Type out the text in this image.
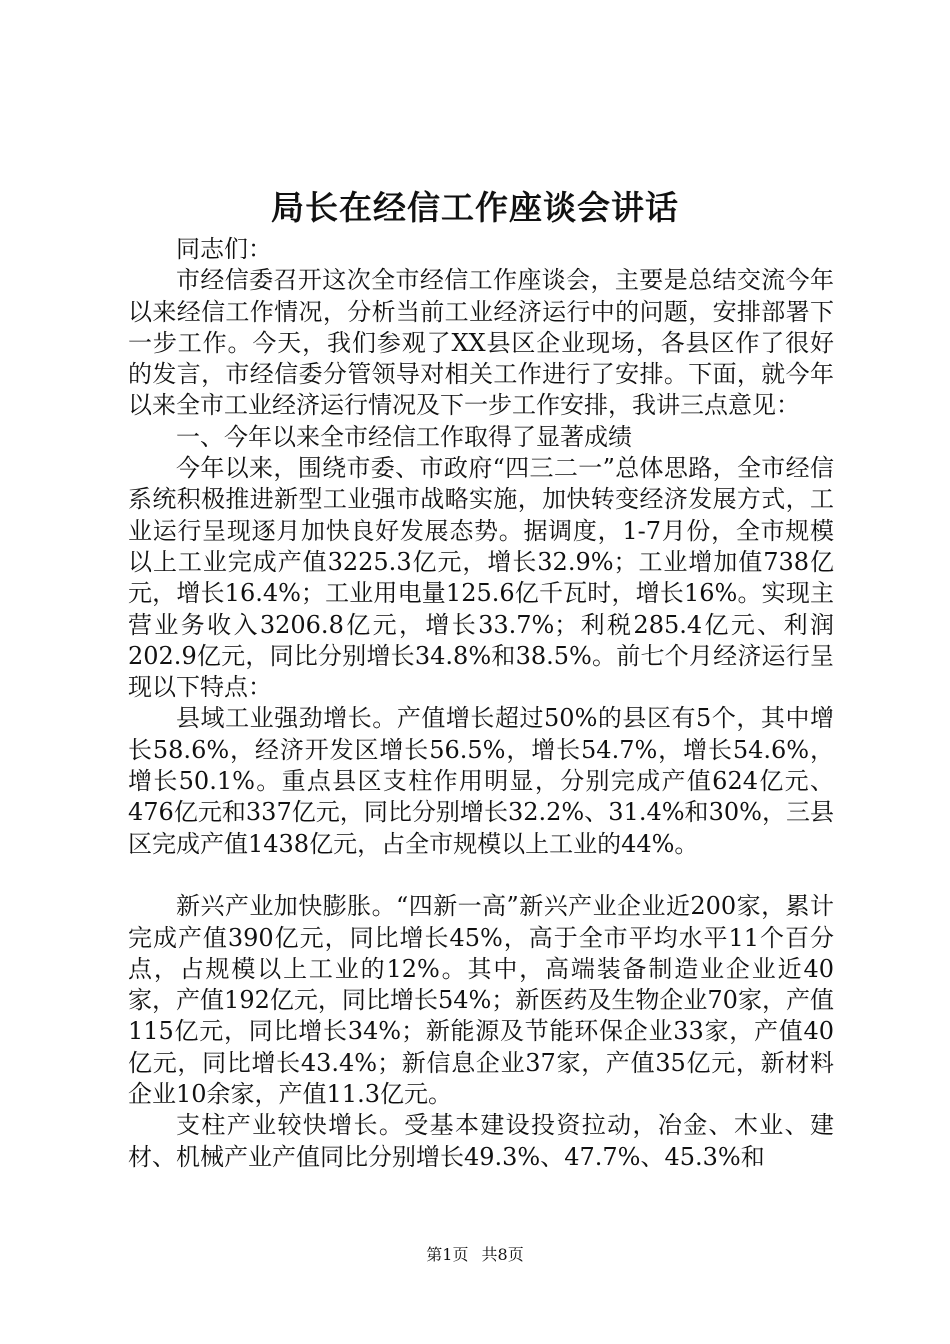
局长在经信工作座谈会讲话

同志们：

市经信委召开这次全市经信工作座谈会，主要是总结交流今年以来经信工作情况，分析当前工业经济运行中的问题，安排部署下一步工作。今天，我们参观了XX县区企业现场，各县区作了很好的发言，市经信委分管领导对相关工作进行了安排。下面，就今年以来全市工业经济运行情况及下一步工作安排，我讲三点意见：

一、今年以来全市经信工作取得了显著成绩

今年以来，围绕市委、市政府“四三二一”总体思路，全市经信系统积极推进新型工业强市战略实施，加快转变经济发展方式，工业运行呈现逐月加快良好发展态势。据调度，1-7月份，全市规模以上工业完成产值3225.3亿元，增长32.9%；工业增加值738亿元，增长16.4%；工业用电量125.6亿千瓦时，增长16%。实现主营业务收入3206.8亿元，增长33.7%；利税285.4亿元、利润202.9亿元，同比分别增长34.8%和38.5%。前七个月经济运行呈现以下特点：

县域工业强劲增长。产值增长超过50%的县区有5个，其中增长58.6%，经济开发区增长56.5%，增长54.7%，增长54.6%，增长50.1%。重点县区支柱作用明显，分别完成产值624亿元、476亿元和337亿元，同比分别增长32.2%、31.4%和30%，三县区完成产值1438亿元，占全市规模以上工业的44%。

新兴产业加快膨胀。“四新一高”新兴产业企业近200家，累计完成产值390亿元，同比增长45%，高于全市平均水平11个百分点，占规模以上工业的12%。其中，高端装备制造业企业近40家，产值192亿元，同比增长54%；新医药及生物企业70家，产值115亿元，同比增长34%；新能源及节能环保企业33家，产值40亿元，同比增长43.4%；新信息企业37家，产值35亿元，新材料企业10余家，产值11.3亿元。

支柱产业较快增长。受基本建设投资拉动，冶金、木业、建材、机械产业产值同比分别增长49.3%、47.7%、45.3%和

第1页 共8页
